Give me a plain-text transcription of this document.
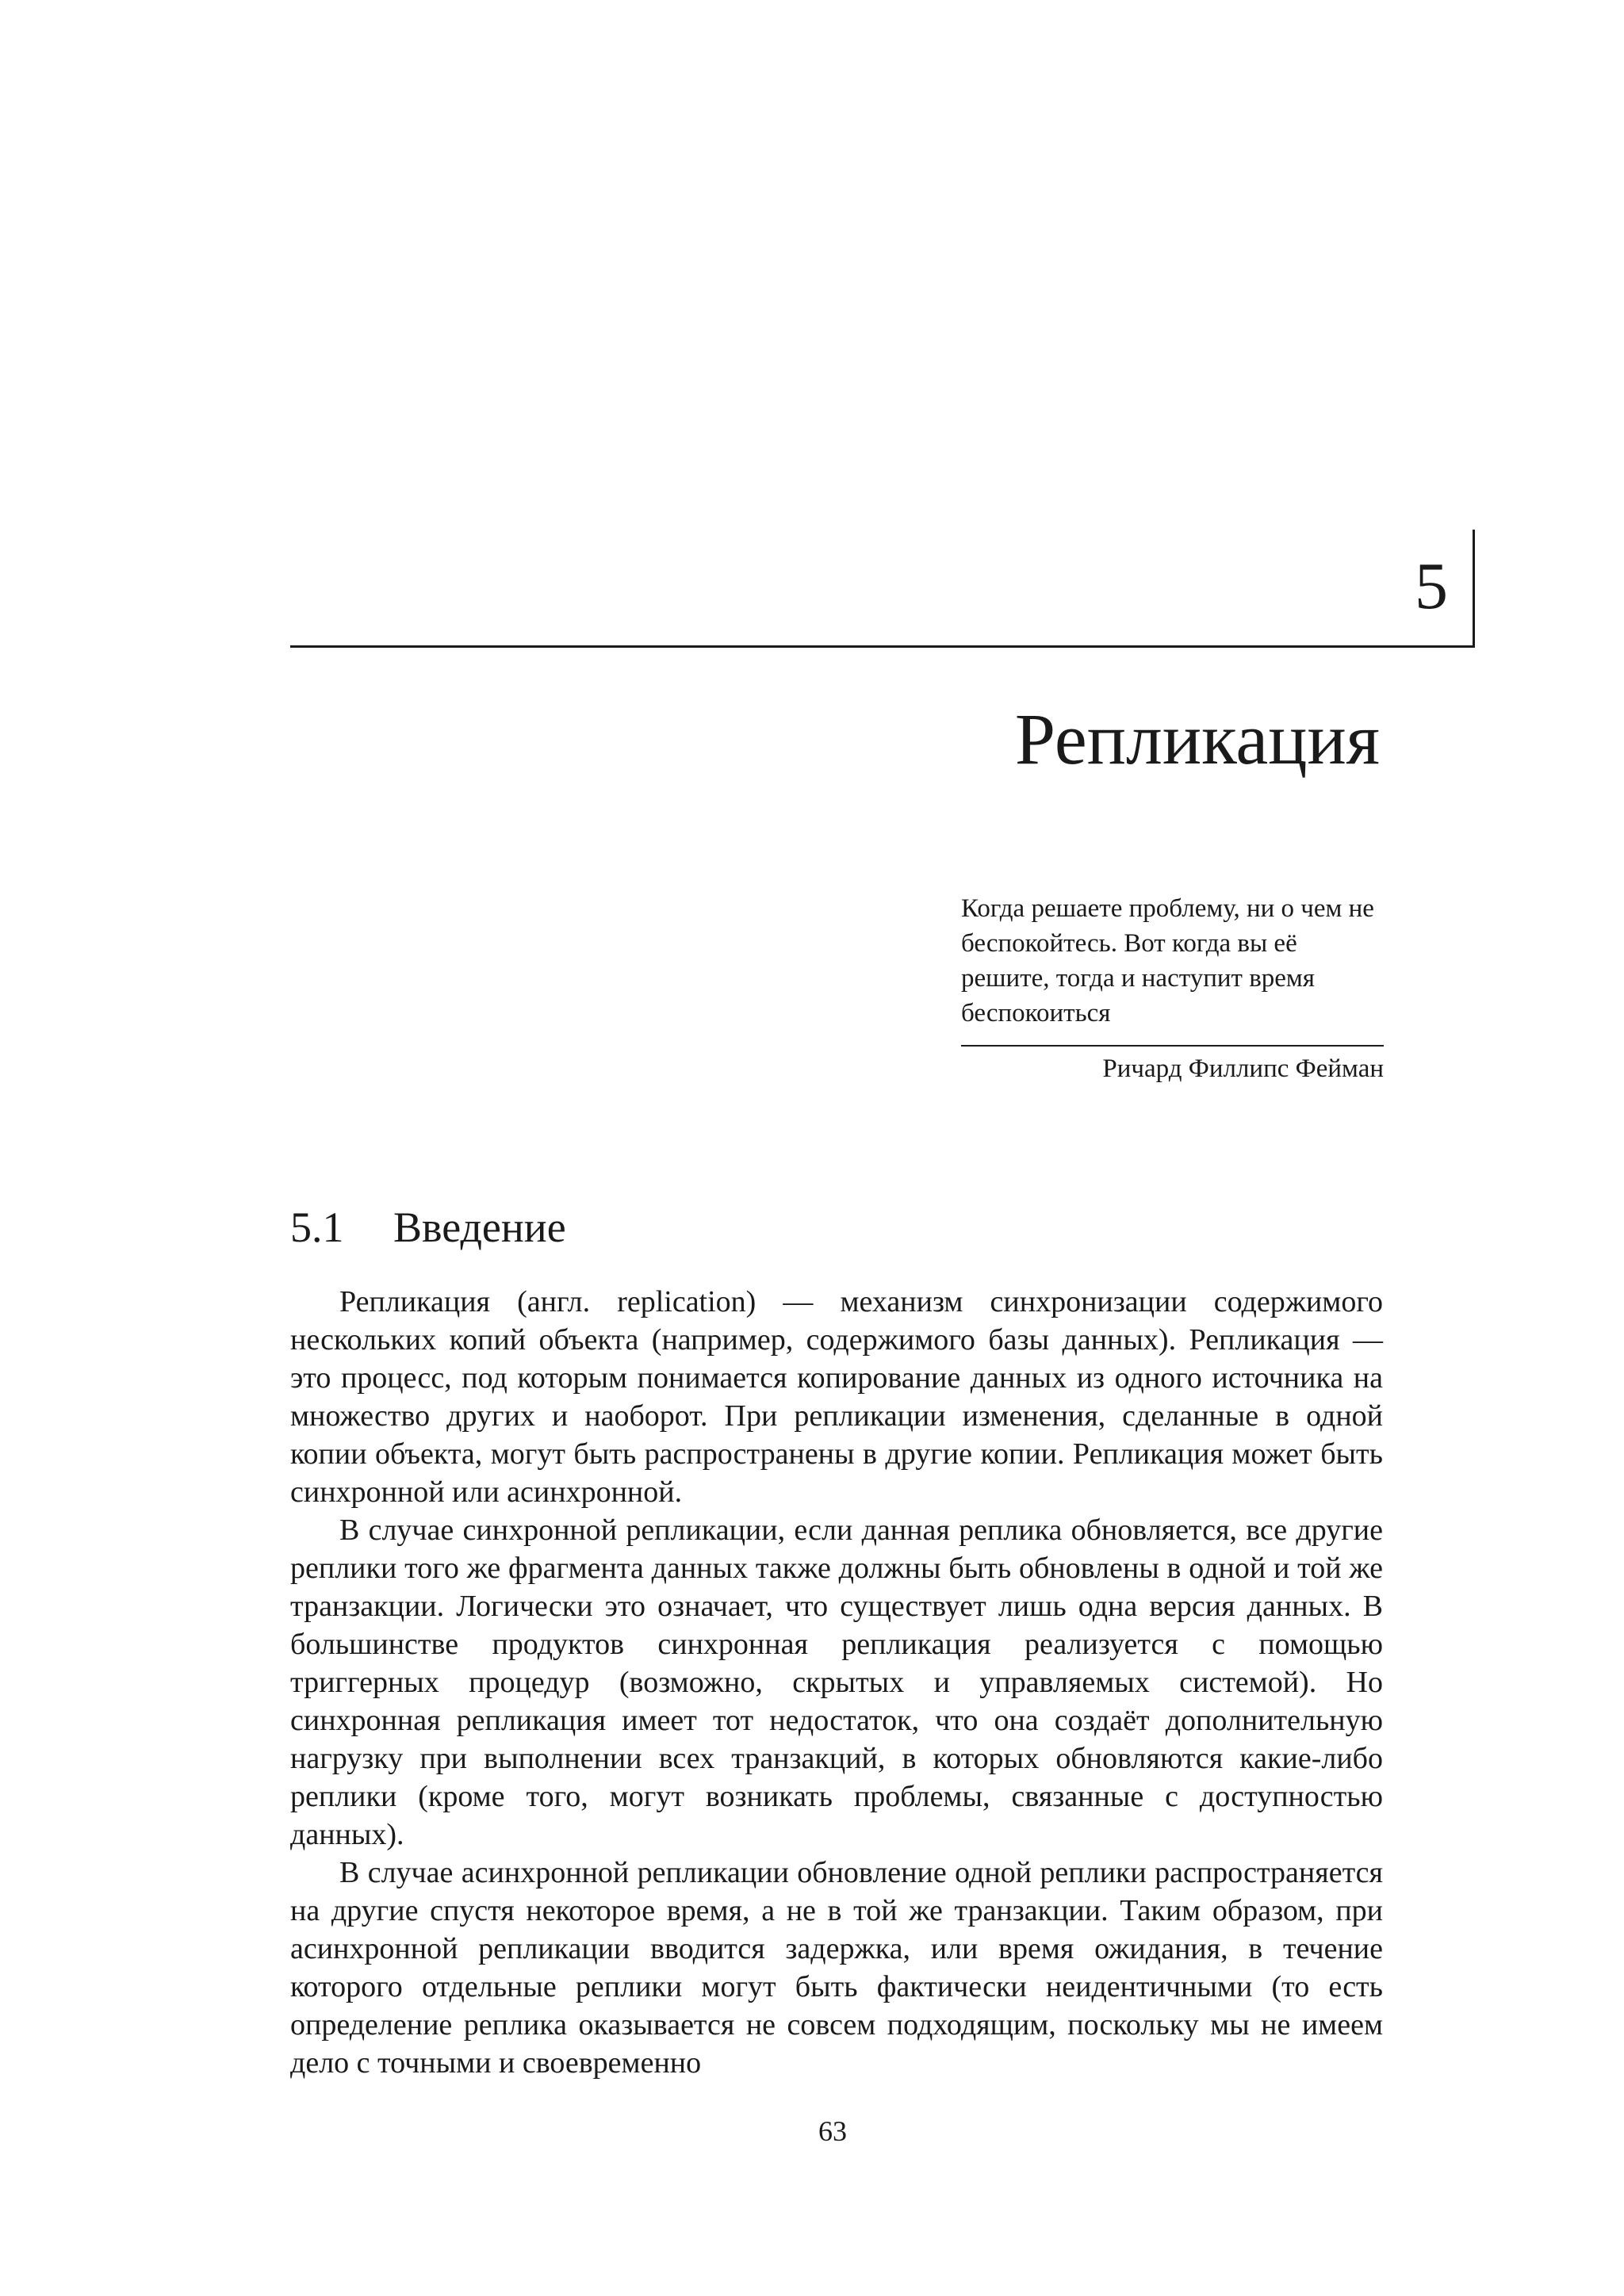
5
Репликация

Когда решаете проблему, ни о чем не беспокойтесь. Вот когда вы её решите, тогда и наступит время беспокоиться

Ричард Филлипс Фейман
5.1 Введение

Репликация (англ. replication) — механизм синхронизации содержимого нескольких копий объекта (например, содержимого базы данных). Репликация — это процесс, под которым понимается копирование данных из одного источника на множество других и наоборот. При репликации изменения, сделанные в одной копии объекта, могут быть распространены в другие копии. Репликация может быть синхронной или асинхронной.

В случае синхронной репликации, если данная реплика обновляется, все другие реплики того же фрагмента данных также должны быть обновлены в одной и той же транзакции. Логически это означает, что существует лишь одна версия данных. В большинстве продуктов синхронная репликация реализуется с помощью триггерных процедур (возможно, скрытых и управляемых системой). Но синхронная репликация имеет тот недостаток, что она создаёт дополнительную нагрузку при выполнении всех транзакций, в которых обновляются какие-либо реплики (кроме того, могут возникать проблемы, связанные с доступностью данных).

В случае асинхронной репликации обновление одной реплики распространяется на другие спустя некоторое время, а не в той же транзакции. Таким образом, при асинхронной репликации вводится задержка, или время ожидания, в течение которого отдельные реплики могут быть фактически неидентичными (то есть определение реплика оказывается не совсем подходящим, поскольку мы не имеем дело с точными и своевременно

63
